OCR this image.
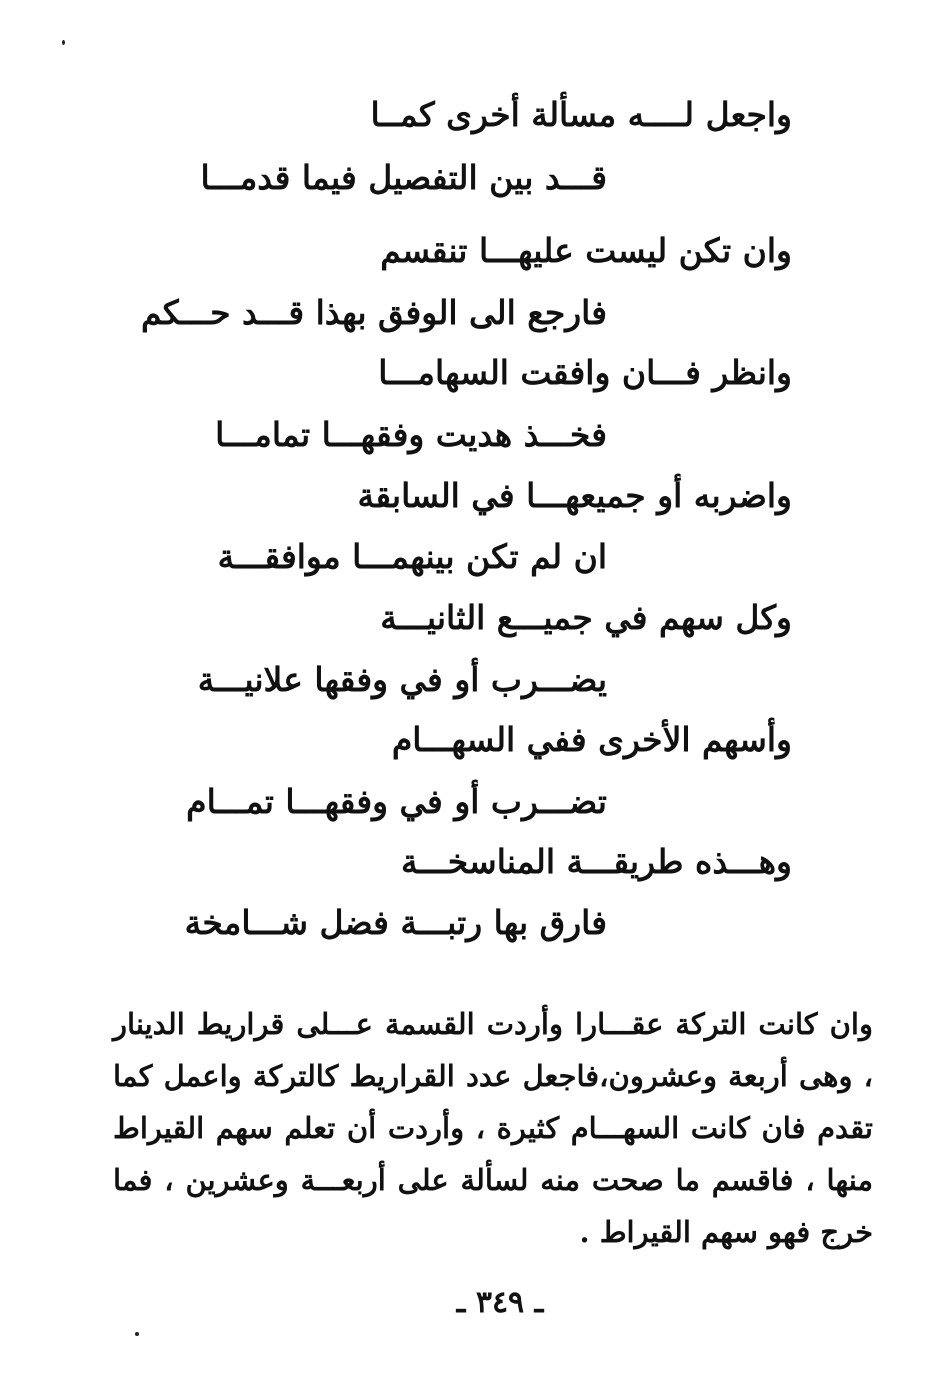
واجعل لــــه مسألة أخرى كمــا
قـــد بين التفصيل فيما قدمـــا
وان تكن ليست عليهـــا تنقسم
فارجع الى الوفق بهذا قـــد حـــكم
وانظر فـــان وافقت السهامـــا
فخـــذ هديت وفقهـــا تمامـــا
واضربه أو جميعهـــا في السابقة
ان لم تكن بينهمـــا موافقـــة
وكل سهم في جميـــع الثانيـــة
يضـــرب أو في وفقها علانيـــة
وأسهم الأخرى ففي السهـــام
تضـــرب أو في وفقهـــا تمـــام
وهـــذه طريقـــة المناسخـــة
فارق بها رتبـــة فضل شـــامخة

وان كانت التركة عقـــارا وأردت القسمة عـــلى قراريط الدينار ، وهى أربعة وعشرون،فاجعل عدد القراريط كالتركة واعمل كما تقدم فان كانت السهـــام كثيرة ، وأردت أن تعلم سهم القيراط منها ، فاقسم ما صحت منه لسألة على أربعـــة وعشرين ، فما خرج فهو سهم القيراط .

ـ ٣٤٩ ـ
